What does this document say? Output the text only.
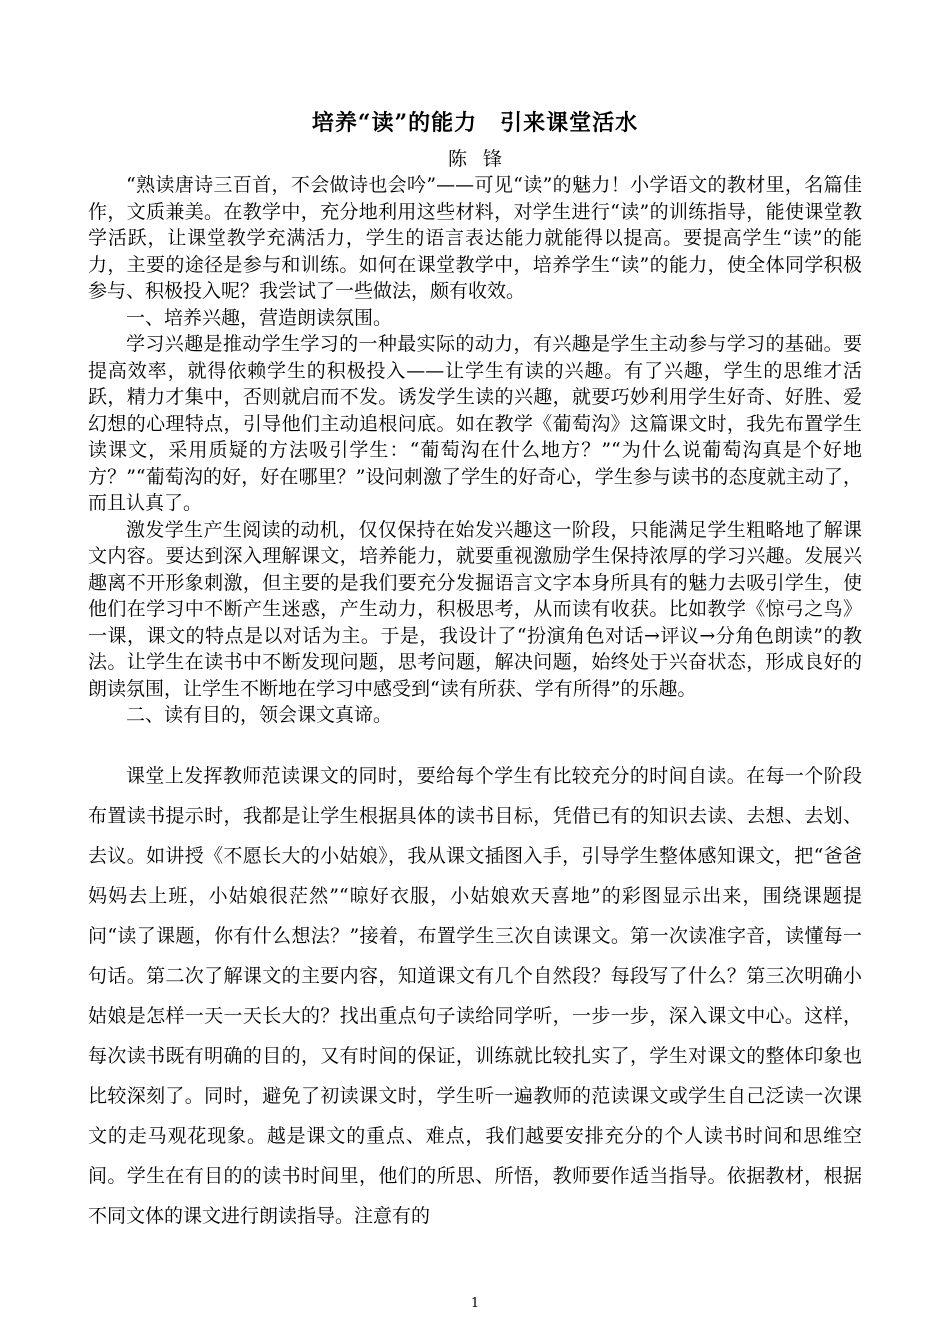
培养“读”的能力　引来课堂活水
陈锋

“熟读唐诗三百首，不会做诗也会吟”——可见“读”的魅力！小学语文的教材里，名篇佳作，文质兼美。在教学中，充分地利用这些材料，对学生进行“读”的训练指导，能使课堂教学活跃，让课堂教学充满活力，学生的语言表达能力就能得以提高。要提高学生“读”的能力，主要的途径是参与和训练。如何在课堂教学中，培养学生“读”的能力，使全体同学积极参与、积极投入呢？我尝试了一些做法，颇有收效。

一、培养兴趣，营造朗读氛围。

学习兴趣是推动学生学习的一种最实际的动力，有兴趣是学生主动参与学习的基础。要提高效率，就得依赖学生的积极投入——让学生有读的兴趣。有了兴趣，学生的思维才活跃，精力才集中，否则就启而不发。诱发学生读的兴趣，就要巧妙利用学生好奇、好胜、爱幻想的心理特点，引导他们主动追根问底。如在教学《葡萄沟》这篇课文时，我先布置学生读课文，采用质疑的方法吸引学生：“葡萄沟在什么地方？”“为什么说葡萄沟真是个好地方？”“葡萄沟的好，好在哪里？”设问刺激了学生的好奇心，学生参与读书的态度就主动了，而且认真了。

激发学生产生阅读的动机，仅仅保持在始发兴趣这一阶段，只能满足学生粗略地了解课文内容。要达到深入理解课文，培养能力，就要重视激励学生保持浓厚的学习兴趣。发展兴趣离不开形象刺激，但主要的是我们要充分发掘语言文字本身所具有的魅力去吸引学生，使他们在学习中不断产生迷惑，产生动力，积极思考，从而读有收获。比如教学《惊弓之鸟》一课，课文的特点是以对话为主。于是，我设计了“扮演角色对话→评议→分角色朗读”的教法。让学生在读书中不断发现问题，思考问题，解决问题，始终处于兴奋状态，形成良好的朗读氛围，让学生不断地在学习中感受到“读有所获、学有所得”的乐趣。

二、读有目的，领会课文真谛。

课堂上发挥教师范读课文的同时，要给每个学生有比较充分的时间自读。在每一个阶段布置读书提示时，我都是让学生根据具体的读书目标，凭借已有的知识去读、去想、去划、去议。如讲授《不愿长大的小姑娘》，我从课文插图入手，引导学生整体感知课文，把“爸爸妈妈去上班，小姑娘很茫然”“晾好衣服，小姑娘欢天喜地”的彩图显示出来，围绕课题提问“读了课题，你有什么想法？”接着，布置学生三次自读课文。第一次读准字音，读懂每一句话。第二次了解课文的主要内容，知道课文有几个自然段？每段写了什么？第三次明确小姑娘是怎样一天一天长大的？找出重点句子读给同学听，一步一步，深入课文中心。这样，每次读书既有明确的目的，又有时间的保证，训练就比较扎实了，学生对课文的整体印象也比较深刻了。同时，避免了初读课文时，学生听一遍教师的范读课文或学生自己泛读一次课文的走马观花现象。越是课文的重点、难点，我们越要安排充分的个人读书时间和思维空间。学生在有目的的读书时间里，他们的所思、所悟，教师要作适当指导。依据教材，根据不同文体的课文进行朗读指导。注意有的

1
